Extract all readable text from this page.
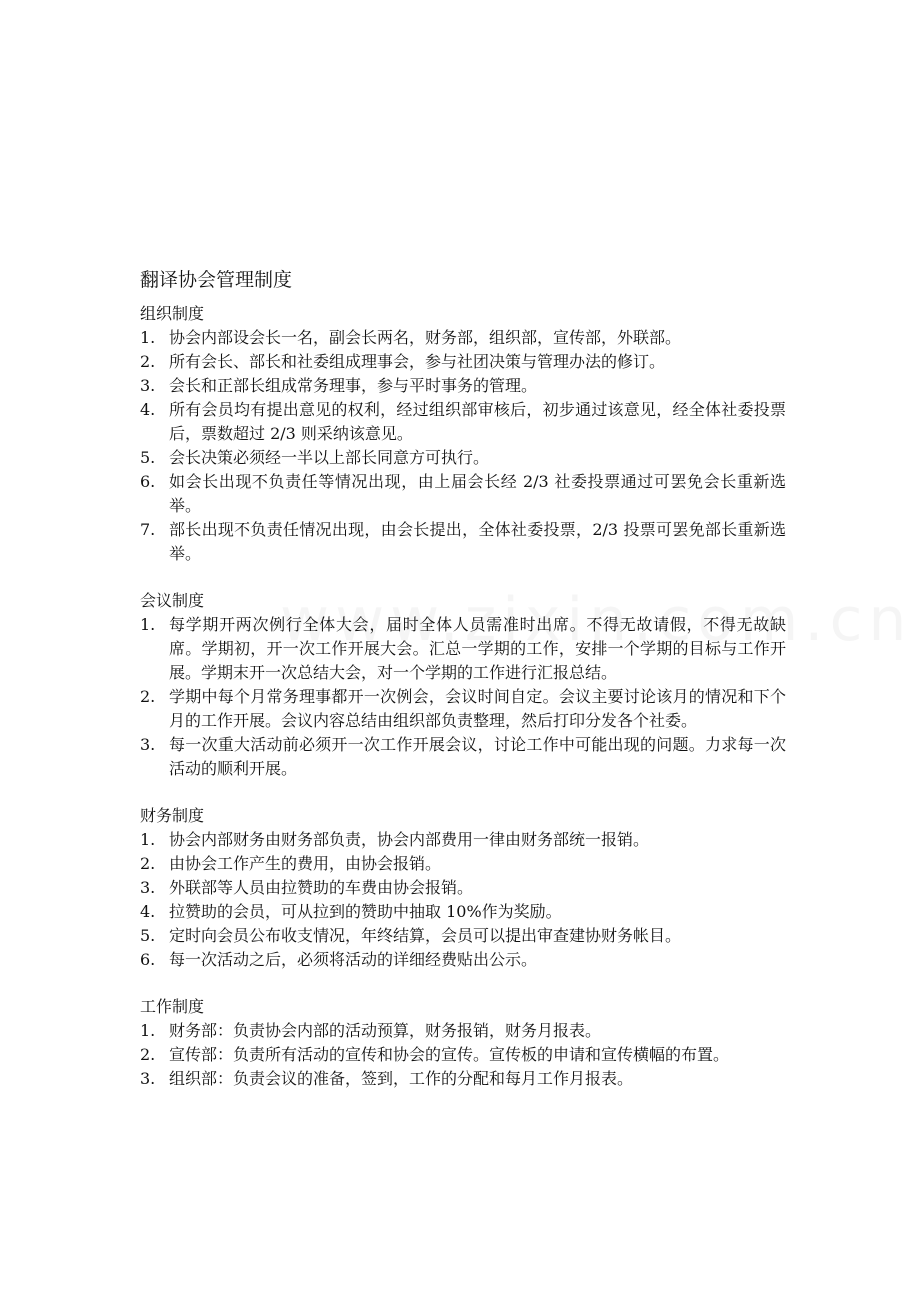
翻译协会管理制度
组织制度
1. 协会内部设会长一名，副会长两名，财务部，组织部，宣传部，外联部。
2. 所有会长、部长和社委组成理事会，参与社团决策与管理办法的修订。
3. 会长和正部长组成常务理事，参与平时事务的管理。
4. 所有会员均有提出意见的权利，经过组织部审核后，初步通过该意见，经全体社委投票后，票数超过 2/3 则采纳该意见。
5. 会长决策必须经一半以上部长同意方可执行。
6. 如会长出现不负责任等情况出现，由上届会长经 2/3 社委投票通过可罢免会长重新选举。
7. 部长出现不负责任情况出现，由会长提出，全体社委投票，2/3 投票可罢免部长重新选举。
会议制度
1. 每学期开两次例行全体大会，届时全体人员需准时出席。不得无故请假，不得无故缺席。学期初，开一次工作开展大会。汇总一学期的工作，安排一个学期的目标与工作开展。学期末开一次总结大会，对一个学期的工作进行汇报总结。
2. 学期中每个月常务理事都开一次例会，会议时间自定。会议主要讨论该月的情况和下个月的工作开展。会议内容总结由组织部负责整理，然后打印分发各个社委。
3. 每一次重大活动前必须开一次工作开展会议，讨论工作中可能出现的问题。力求每一次活动的顺利开展。
财务制度
1. 协会内部财务由财务部负责，协会内部费用一律由财务部统一报销。
2. 由协会工作产生的费用，由协会报销。
3. 外联部等人员由拉赞助的车费由协会报销。
4. 拉赞助的会员，可从拉到的赞助中抽取 10%作为奖励。
5. 定时向会员公布收支情况，年终结算，会员可以提出审查建协财务帐目。
6. 每一次活动之后，必须将活动的详细经费贴出公示。
工作制度
1. 财务部：负责协会内部的活动预算，财务报销，财务月报表。
2. 宣传部：负责所有活动的宣传和协会的宣传。宣传板的申请和宣传横幅的布置。
3. 组织部：负责会议的准备，签到，工作的分配和每月工作月报表。
